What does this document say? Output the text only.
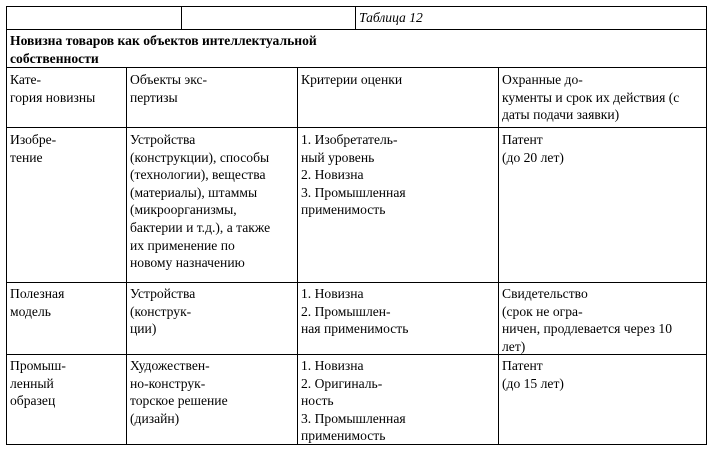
Таблица 12

Новизна товаров как объектов интеллектуальной

собственности

Кате-

гория новизны

Объекты экс-

пертизы

Критерии оценки	Охранные до-

кументы и срок их действия (с

даты подачи заявки)

Изобре-

тение

Устройства

(конструкции), способы

(технологии), вещества

(материалы), штаммы

(микроорганизмы,

бактерии и т.д.), а также

их применение по

новому назначению

1. Изобретатель-

ный уровень

2. Новизна

3. Промышленная

применимость

Патент

(до 20 лет)

Полезная

модель

Устройства

(конструк-

ции)

1. Новизна

2. Промышлен-

ная применимость

Свидетельство

(срок не огра-

ничен, продлевается через 10

лет)

Промыш-

ленный

образец

Художествен-

но-конструк-

торское решение

(дизайн)

1. Новизна

2. Оригиналь-

ность

3. Промышленная

применимость

Патент

(до 15 лет)
